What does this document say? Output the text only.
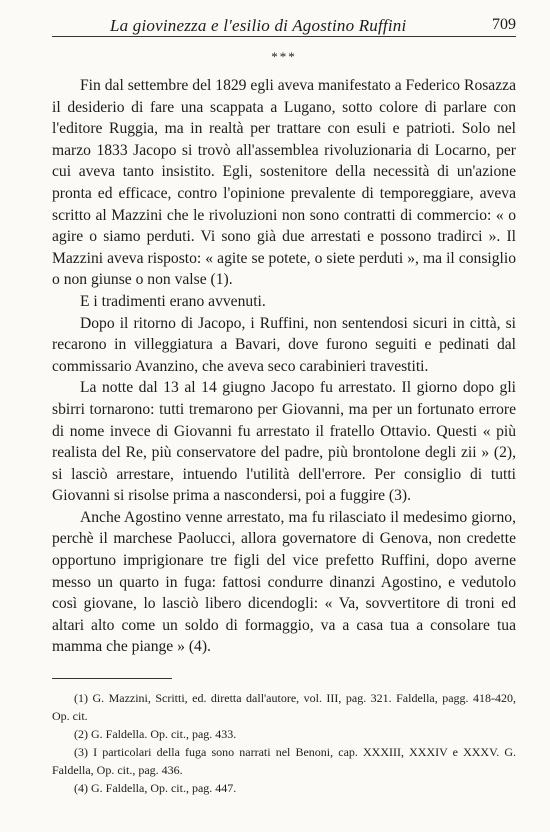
La giovinezza e l'esilio di Agostino Ruffini	709
***

Fin dal settembre del 1829 egli aveva manifestato a Federico Rosazza il desiderio di fare una scappata a Lugano, sotto colore di parlare con l'editore Ruggia, ma in realtà per trattare con esuli e patrioti. Solo nel marzo 1833 Jacopo si trovò all'assemblea rivoluzionaria di Locarno, per cui aveva tanto insistito. Egli, sostenitore della necessità di un'azione pronta ed efficace, contro l'opinione prevalente di temporeggiare, aveva scritto al Mazzini che le rivoluzioni non sono contratti di commercio: « o agire o siamo perduti. Vi sono già due arrestati e possono tradirci ». Il Mazzini aveva risposto: « agite se potete, o siete perduti », ma il consiglio o non giunse o non valse (1).

E i tradimenti erano avvenuti.

Dopo il ritorno di Jacopo, i Ruffini, non sentendosi sicuri in città, si recarono in villeggiatura a Bavari, dove furono seguiti e pedinati dal commissario Avanzino, che aveva seco carabinieri travestiti.

La notte dal 13 al 14 giugno Jacopo fu arrestato. Il giorno dopo gli sbirri tornarono: tutti tremarono per Giovanni, ma per un fortunato errore di nome invece di Giovanni fu arrestato il fratello Ottavio. Questi « più realista del Re, più conservatore del padre, più brontolone degli zii » (2), si lasciò arrestare, intuendo l'utilità dell'errore. Per consiglio di tutti Giovanni si risolse prima a nascondersi, poi a fuggire (3).

Anche Agostino venne arrestato, ma fu rilasciato il medesimo giorno, perchè il marchese Paolucci, allora governatore di Genova, non credette opportuno imprigionare tre figli del vice prefetto Ruffini, dopo averne messo un quarto in fuga: fattosi condurre dinanzi Agostino, e vedutolo così giovane, lo lasciò libero dicendogli: « Va, sovvertitore di troni ed altari alto come un soldo di formaggio, va a casa tua a consolare tua mamma che piange » (4).

(1) G. Mazzini, Scritti, ed. diretta dall'autore, vol. III, pag. 321. Faldella, pagg. 418-420, Op. cit.

(2) G. Faldella. Op. cit., pag. 433.

(3) I particolari della fuga sono narrati nel Benoni, cap. XXXIII, XXXIV e XXXV. G. Faldella, Op. cit., pag. 436.

(4) G. Faldella, Op. cit., pag. 447.
